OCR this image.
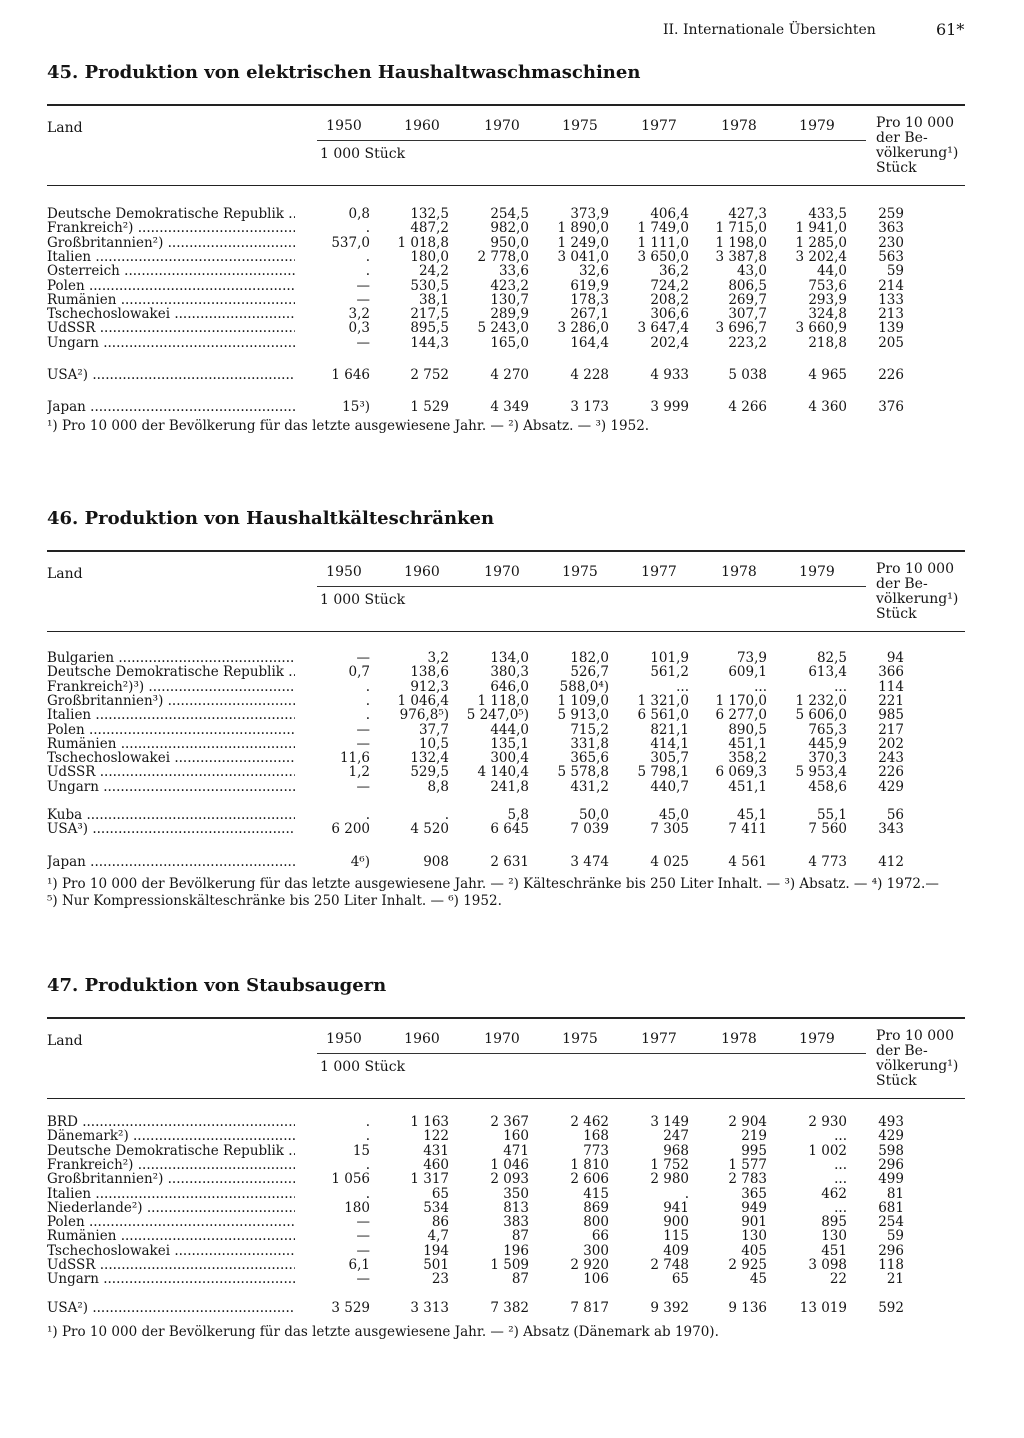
II. Internationale Übersichten	61*
45. Produktion von elektrischen Haushaltwaschmaschinen
Land	1950	1960	1970	1975	1977	1978	1979
1 000 Stück
Pro 10 000
der Be-
völkerung¹)
Stück
Deutsche Demokratische Republik .....	0,8	132,5	254,5	373,9	406,4	427,3	433,5	259
Frankreich²) .....	.	487,2	982,0	1 890,0	1 749,0	1 715,0	1 941,0	363
Großbritannien²) .....	537,0	1 018,8	950,0	1 249,0	1 111,0	1 198,0	1 285,0	230
Italien .....	.	180,0	2 778,0	3 041,0	3 650,0	3 387,8	3 202,4	563
Österreich .....	.	24,2	33,6	32,6	36,2	43,0	44,0	59
Polen .....	—	530,5	423,2	619,9	724,2	806,5	753,6	214
Rumänien .....	—	38,1	130,7	178,3	208,2	269,7	293,9	133
Tschechoslowakei .....	3,2	217,5	289,9	267,1	306,6	307,7	324,8	213
UdSSR .....	0,3	895,5	5 243,0	3 286,0	3 647,4	3 696,7	3 660,9	139
Ungarn .....	—	144,3	165,0	164,4	202,4	223,2	218,8	205
USA²) .....	1 646	2 752	4 270	4 228	4 933	5 038	4 965	226
Japan .....	15³)	1 529	4 349	3 173	3 999	4 266	4 360	376
¹) Pro 10 000 der Bevölkerung für das letzte ausgewiesene Jahr. — ²) Absatz. — ³) 1952.
46. Produktion von Haushaltkälteschränken
Land	1950	1960	1970	1975	1977	1978	1979
1 000 Stück
Pro 10 000
der Be-
völkerung¹)
Stück
Bulgarien .....	—	3,2	134,0	182,0	101,9	73,9	82,5	94
Deutsche Demokratische Republik .....	0,7	138,6	380,3	526,7	561,2	609,1	613,4	366
Frankreich²)³) .....	.	912,3	646,0	588,0⁴)	...	...	...	114
Großbritannien³) .....	.	1 046,4	1 118,0	1 109,0	1 321,0	1 170,0	1 232,0	221
Italien .....	.	976,8⁵)	5 247,0⁵)	5 913,0	6 561,0	6 277,0	5 606,0	985
Polen .....	—	37,7	444,0	715,2	821,1	890,5	765,3	217
Rumänien .....	—	10,5	135,1	331,8	414,1	451,1	445,9	202
Tschechoslowakei .....	11,6	132,4	300,4	365,6	305,7	358,2	370,3	243
UdSSR .....	1,2	529,5	4 140,4	5 578,8	5 798,1	6 069,3	5 953,4	226
Ungarn .....	—	8,8	241,8	431,2	440,7	451,1	458,6	429
Kuba .....	.	.	5,8	50,0	45,0	45,1	55,1	56
USA³) .....	6 200	4 520	6 645	7 039	7 305	7 411	7 560	343
Japan .....	4⁶)	908	2 631	3 474	4 025	4 561	4 773	412
¹) Pro 10 000 der Bevölkerung für das letzte ausgewiesene Jahr. — ²) Kälteschränke bis 250 Liter Inhalt. — ³) Absatz. — ⁴) 1972.—
⁵) Nur Kompressionskälteschränke bis 250 Liter Inhalt. — ⁶) 1952.
47. Produktion von Staubsaugern
Land	1950	1960	1970	1975	1977	1978	1979
1 000 Stück
Pro 10 000
der Be-
völkerung¹)
Stück
BRD .....	.	1 163	2 367	2 462	3 149	2 904	2 930	493
Dänemark²) .....	.	122	160	168	247	219	...	429
Deutsche Demokratische Republik .....	15	431	471	773	968	995	1 002	598
Frankreich²) .....	.	460	1 046	1 810	1 752	1 577	...	296
Großbritannien²) .....	1 056	1 317	2 093	2 606	2 980	2 783	...	499
Italien .....	.	65	350	415	.	365	462	81
Niederlande²) .....	180	534	813	869	941	949	...	681
Polen .....	—	86	383	800	900	901	895	254
Rumänien .....	—	4,7	87	66	115	130	130	59
Tschechoslowakei .....	—	194	196	300	409	405	451	296
UdSSR .....	6,1	501	1 509	2 920	2 748	2 925	3 098	118
Ungarn .....	—	23	87	106	65	45	22	21
USA²) .....	3 529	3 313	7 382	7 817	9 392	9 136	13 019	592
¹) Pro 10 000 der Bevölkerung für das letzte ausgewiesene Jahr. — ²) Absatz (Dänemark ab 1970).
